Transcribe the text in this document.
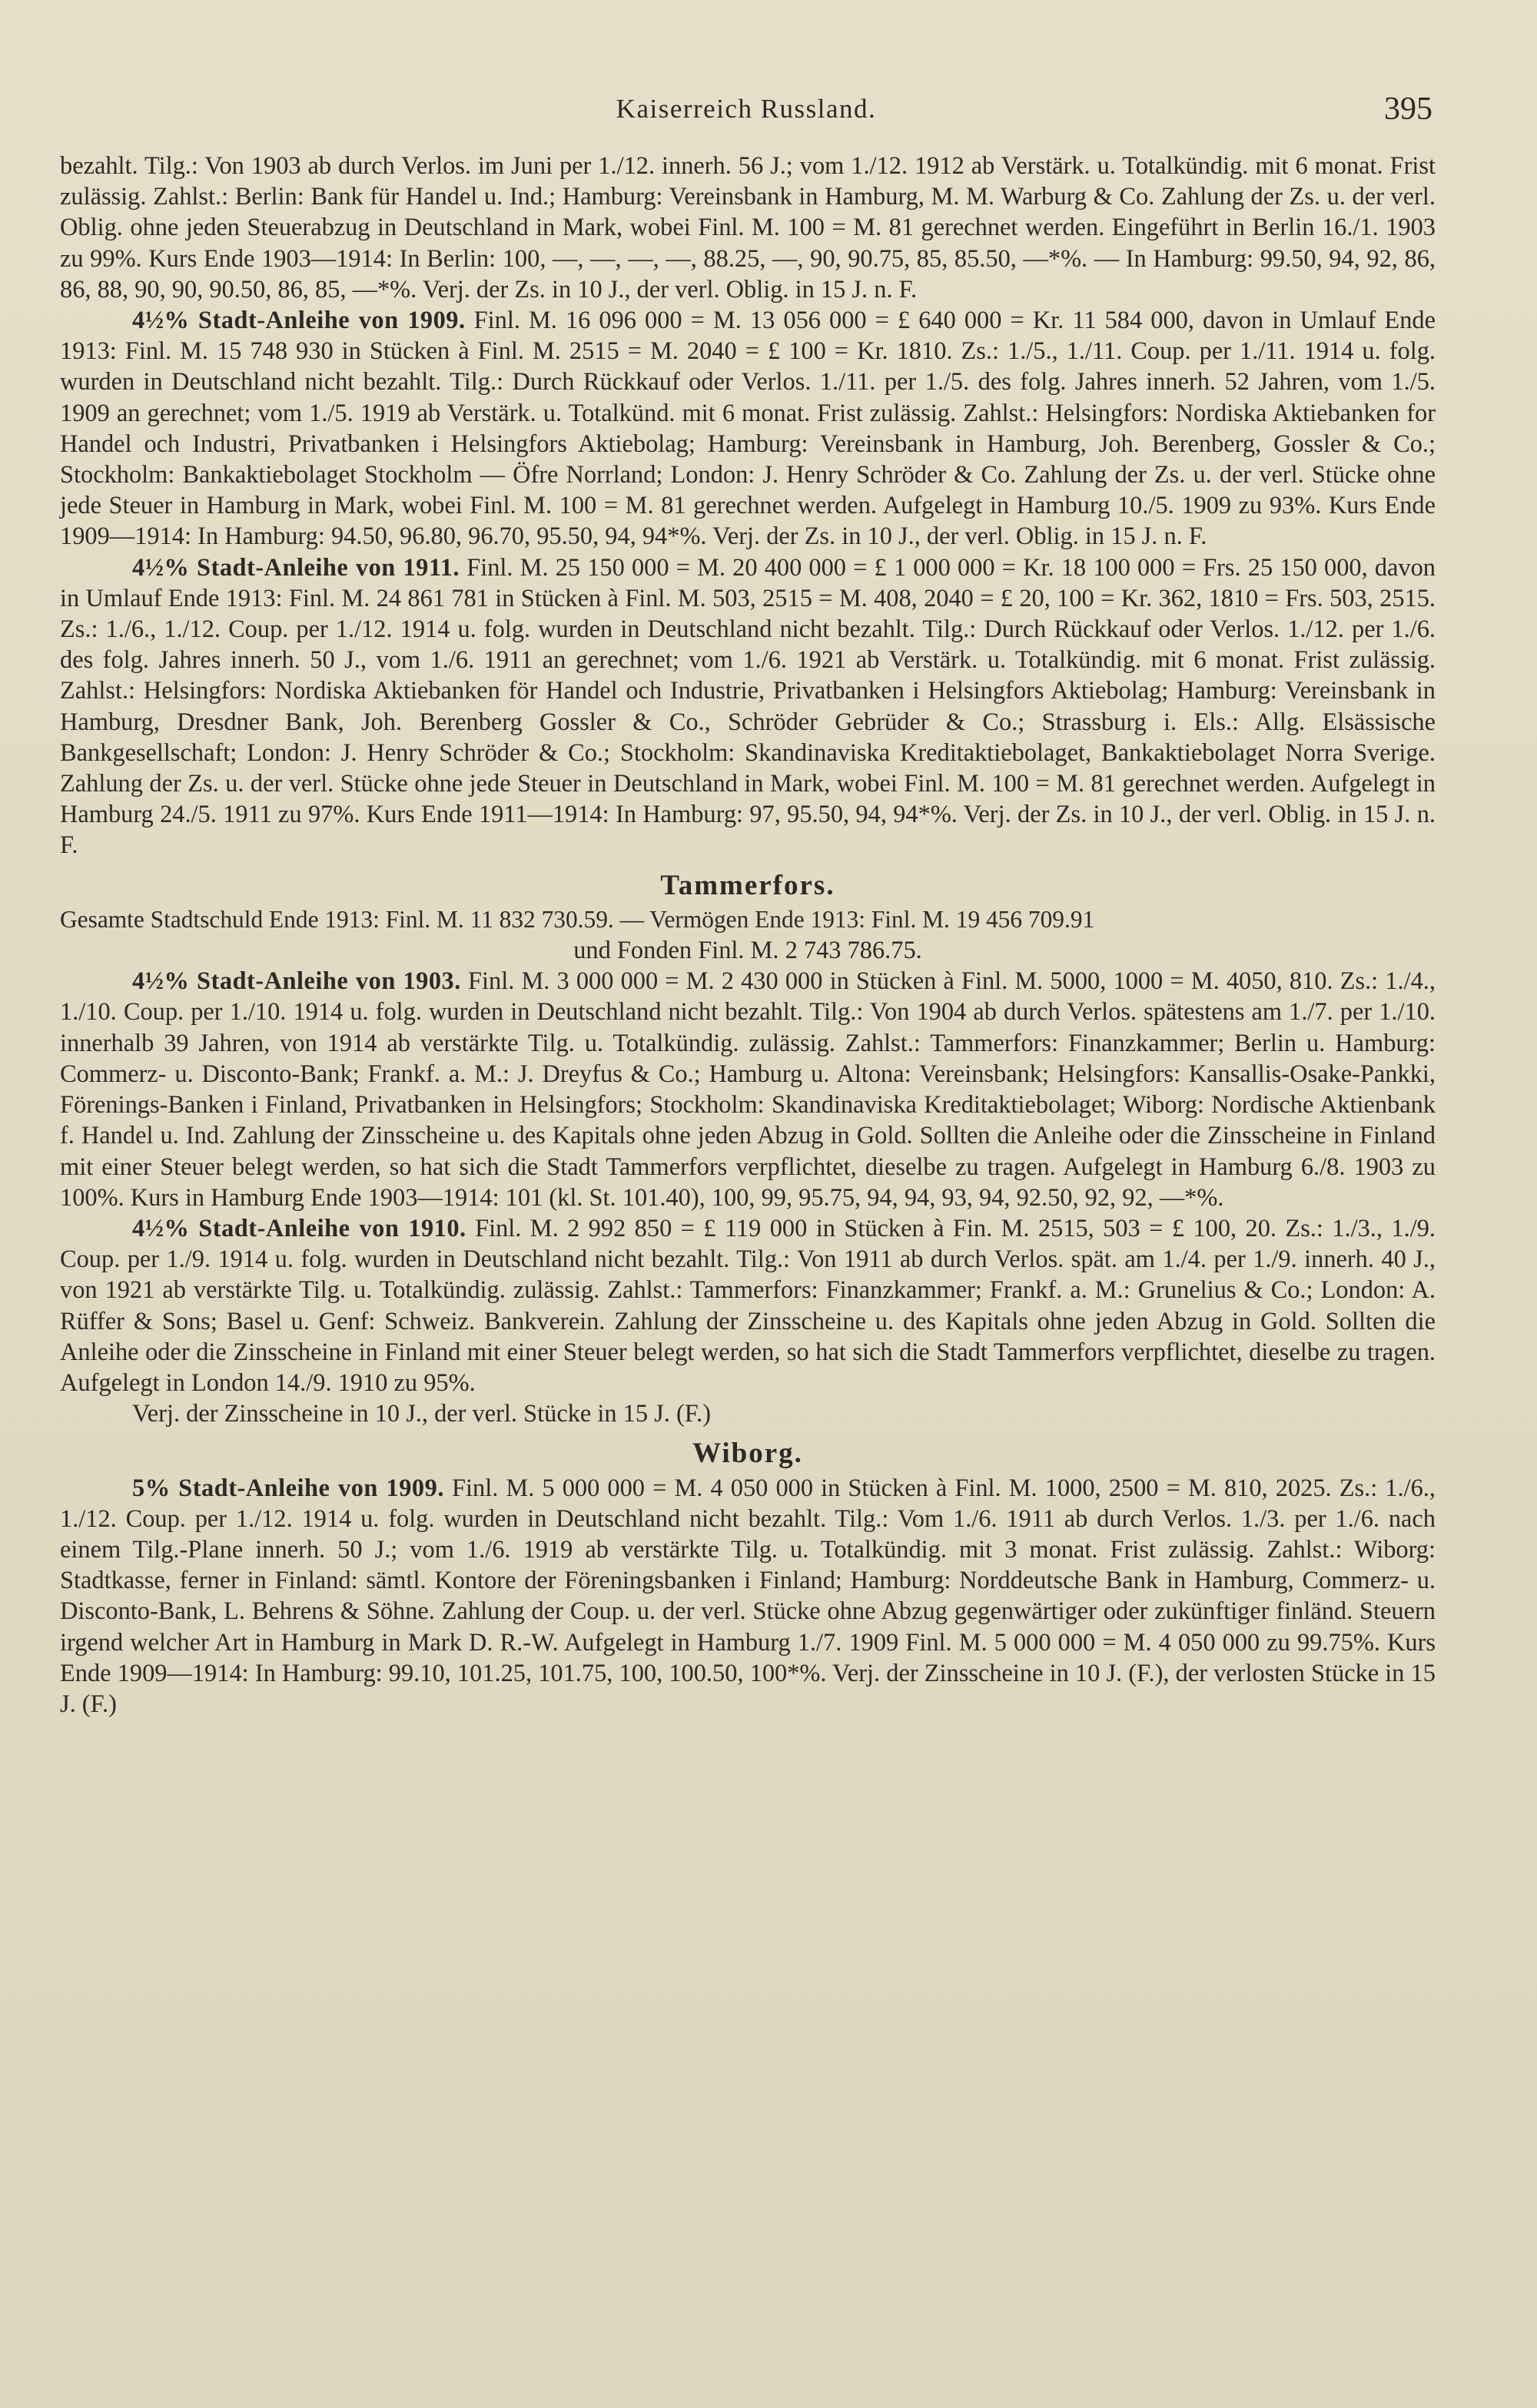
Kaiserreich Russland.	395

bezahlt. Tilg.: Von 1903 ab durch Verlos. im Juni per 1./12. innerh. 56 J.; vom 1./12. 1912 ab Verstärk. u. Totalkündig. mit 6 monat. Frist zulässig. Zahlst.: Berlin: Bank für Handel u. Ind.; Hamburg: Vereinsbank in Hamburg, M. M. Warburg & Co. Zahlung der Zs. u. der verl. Oblig. ohne jeden Steuerabzug in Deutschland in Mark, wobei Finl. M. 100 = M. 81 gerechnet werden. Eingeführt in Berlin 16./1. 1903 zu 99%. Kurs Ende 1903—1914: In Berlin: 100, —, —, —, —, 88.25, —, 90, 90.75, 85, 85.50, —*%. — In Hamburg: 99.50, 94, 92, 86, 86, 88, 90, 90, 90.50, 86, 85, —*%. Verj. der Zs. in 10 J., der verl. Oblig. in 15 J. n. F.

4½% Stadt-Anleihe von 1909. Finl. M. 16 096 000 = M. 13 056 000 = £ 640 000 = Kr. 11 584 000, davon in Umlauf Ende 1913: Finl. M. 15 748 930 in Stücken à Finl. M. 2515 = M. 2040 = £ 100 = Kr. 1810. Zs.: 1./5., 1./11. Coup. per 1./11. 1914 u. folg. wurden in Deutschland nicht bezahlt. Tilg.: Durch Rückkauf oder Verlos. 1./11. per 1./5. des folg. Jahres innerh. 52 Jahren, vom 1./5. 1909 an gerechnet; vom 1./5. 1919 ab Verstärk. u. Totalkünd. mit 6 monat. Frist zulässig. Zahlst.: Helsingfors: Nordiska Aktiebanken for Handel och Industri, Privatbanken i Helsingfors Aktiebolag; Hamburg: Vereinsbank in Hamburg, Joh. Berenberg, Gossler & Co.; Stockholm: Bankaktiebolaget Stockholm — Öfre Norrland; London: J. Henry Schröder & Co. Zahlung der Zs. u. der verl. Stücke ohne jede Steuer in Hamburg in Mark, wobei Finl. M. 100 = M. 81 gerechnet werden. Aufgelegt in Hamburg 10./5. 1909 zu 93%. Kurs Ende 1909—1914: In Hamburg: 94.50, 96.80, 96.70, 95.50, 94, 94*%. Verj. der Zs. in 10 J., der verl. Oblig. in 15 J. n. F.

4½% Stadt-Anleihe von 1911. Finl. M. 25 150 000 = M. 20 400 000 = £ 1 000 000 = Kr. 18 100 000 = Frs. 25 150 000, davon in Umlauf Ende 1913: Finl. M. 24 861 781 in Stücken à Finl. M. 503, 2515 = M. 408, 2040 = £ 20, 100 = Kr. 362, 1810 = Frs. 503, 2515. Zs.: 1./6., 1./12. Coup. per 1./12. 1914 u. folg. wurden in Deutschland nicht bezahlt. Tilg.: Durch Rückkauf oder Verlos. 1./12. per 1./6. des folg. Jahres innerh. 50 J., vom 1./6. 1911 an gerechnet; vom 1./6. 1921 ab Verstärk. u. Totalkündig. mit 6 monat. Frist zulässig. Zahlst.: Helsingfors: Nordiska Aktiebanken för Handel och Industrie, Privatbanken i Helsingfors Aktiebolag; Hamburg: Vereinsbank in Hamburg, Dresdner Bank, Joh. Berenberg Gossler & Co., Schröder Gebrüder & Co.; Strassburg i. Els.: Allg. Elsässische Bankgesellschaft; London: J. Henry Schröder & Co.; Stockholm: Skandinaviska Kreditaktiebolaget, Bankaktiebolaget Norra Sverige. Zahlung der Zs. u. der verl. Stücke ohne jede Steuer in Deutschland in Mark, wobei Finl. M. 100 = M. 81 gerechnet werden. Aufgelegt in Hamburg 24./5. 1911 zu 97%. Kurs Ende 1911—1914: In Hamburg: 97, 95.50, 94, 94*%. Verj. der Zs. in 10 J., der verl. Oblig. in 15 J. n. F.

Tammerfors.

Gesamte Stadtschuld Ende 1913: Finl. M. 11 832 730.59. — Vermögen Ende 1913: Finl. M. 19 456 709.91

und Fonden Finl. M. 2 743 786.75.

4½% Stadt-Anleihe von 1903. Finl. M. 3 000 000 = M. 2 430 000 in Stücken à Finl. M. 5000, 1000 = M. 4050, 810. Zs.: 1./4., 1./10. Coup. per 1./10. 1914 u. folg. wurden in Deutschland nicht bezahlt. Tilg.: Von 1904 ab durch Verlos. spätestens am 1./7. per 1./10. innerhalb 39 Jahren, von 1914 ab verstärkte Tilg. u. Totalkündig. zulässig. Zahlst.: Tammerfors: Finanzkammer; Berlin u. Hamburg: Commerz- u. Disconto-Bank; Frankf. a. M.: J. Dreyfus & Co.; Hamburg u. Altona: Vereinsbank; Helsingfors: Kansallis-Osake-Pankki, Förenings-Banken i Finland, Privatbanken in Helsingfors; Stockholm: Skandinaviska Kreditaktiebolaget; Wiborg: Nordische Aktienbank f. Handel u. Ind. Zahlung der Zinsscheine u. des Kapitals ohne jeden Abzug in Gold. Sollten die Anleihe oder die Zinsscheine in Finland mit einer Steuer belegt werden, so hat sich die Stadt Tammerfors verpflichtet, dieselbe zu tragen. Aufgelegt in Hamburg 6./8. 1903 zu 100%. Kurs in Hamburg Ende 1903—1914: 101 (kl. St. 101.40), 100, 99, 95.75, 94, 94, 93, 94, 92.50, 92, 92, —*%.

4½% Stadt-Anleihe von 1910. Finl. M. 2 992 850 = £ 119 000 in Stücken à Fin. M. 2515, 503 = £ 100, 20. Zs.: 1./3., 1./9. Coup. per 1./9. 1914 u. folg. wurden in Deutschland nicht bezahlt. Tilg.: Von 1911 ab durch Verlos. spät. am 1./4. per 1./9. innerh. 40 J., von 1921 ab verstärkte Tilg. u. Totalkündig. zulässig. Zahlst.: Tammerfors: Finanzkammer; Frankf. a. M.: Grunelius & Co.; London: A. Rüffer & Sons; Basel u. Genf: Schweiz. Bankverein. Zahlung der Zinsscheine u. des Kapitals ohne jeden Abzug in Gold. Sollten die Anleihe oder die Zinsscheine in Finland mit einer Steuer belegt werden, so hat sich die Stadt Tammerfors verpflichtet, dieselbe zu tragen. Aufgelegt in London 14./9. 1910 zu 95%.

Verj. der Zinsscheine in 10 J., der verl. Stücke in 15 J. (F.)

Wiborg.

5% Stadt-Anleihe von 1909. Finl. M. 5 000 000 = M. 4 050 000 in Stücken à Finl. M. 1000, 2500 = M. 810, 2025. Zs.: 1./6., 1./12. Coup. per 1./12. 1914 u. folg. wurden in Deutschland nicht bezahlt. Tilg.: Vom 1./6. 1911 ab durch Verlos. 1./3. per 1./6. nach einem Tilg.-Plane innerh. 50 J.; vom 1./6. 1919 ab verstärkte Tilg. u. Totalkündig. mit 3 monat. Frist zulässig. Zahlst.: Wiborg: Stadtkasse, ferner in Finland: sämtl. Kontore der Föreningsbanken i Finland; Hamburg: Norddeutsche Bank in Hamburg, Commerz- u. Disconto-Bank, L. Behrens & Söhne. Zahlung der Coup. u. der verl. Stücke ohne Abzug gegenwärtiger oder zukünftiger finländ. Steuern irgend welcher Art in Hamburg in Mark D. R.-W. Aufgelegt in Hamburg 1./7. 1909 Finl. M. 5 000 000 = M. 4 050 000 zu 99.75%. Kurs Ende 1909—1914: In Hamburg: 99.10, 101.25, 101.75, 100, 100.50, 100*%. Verj. der Zinsscheine in 10 J. (F.), der verlosten Stücke in 15 J. (F.)
